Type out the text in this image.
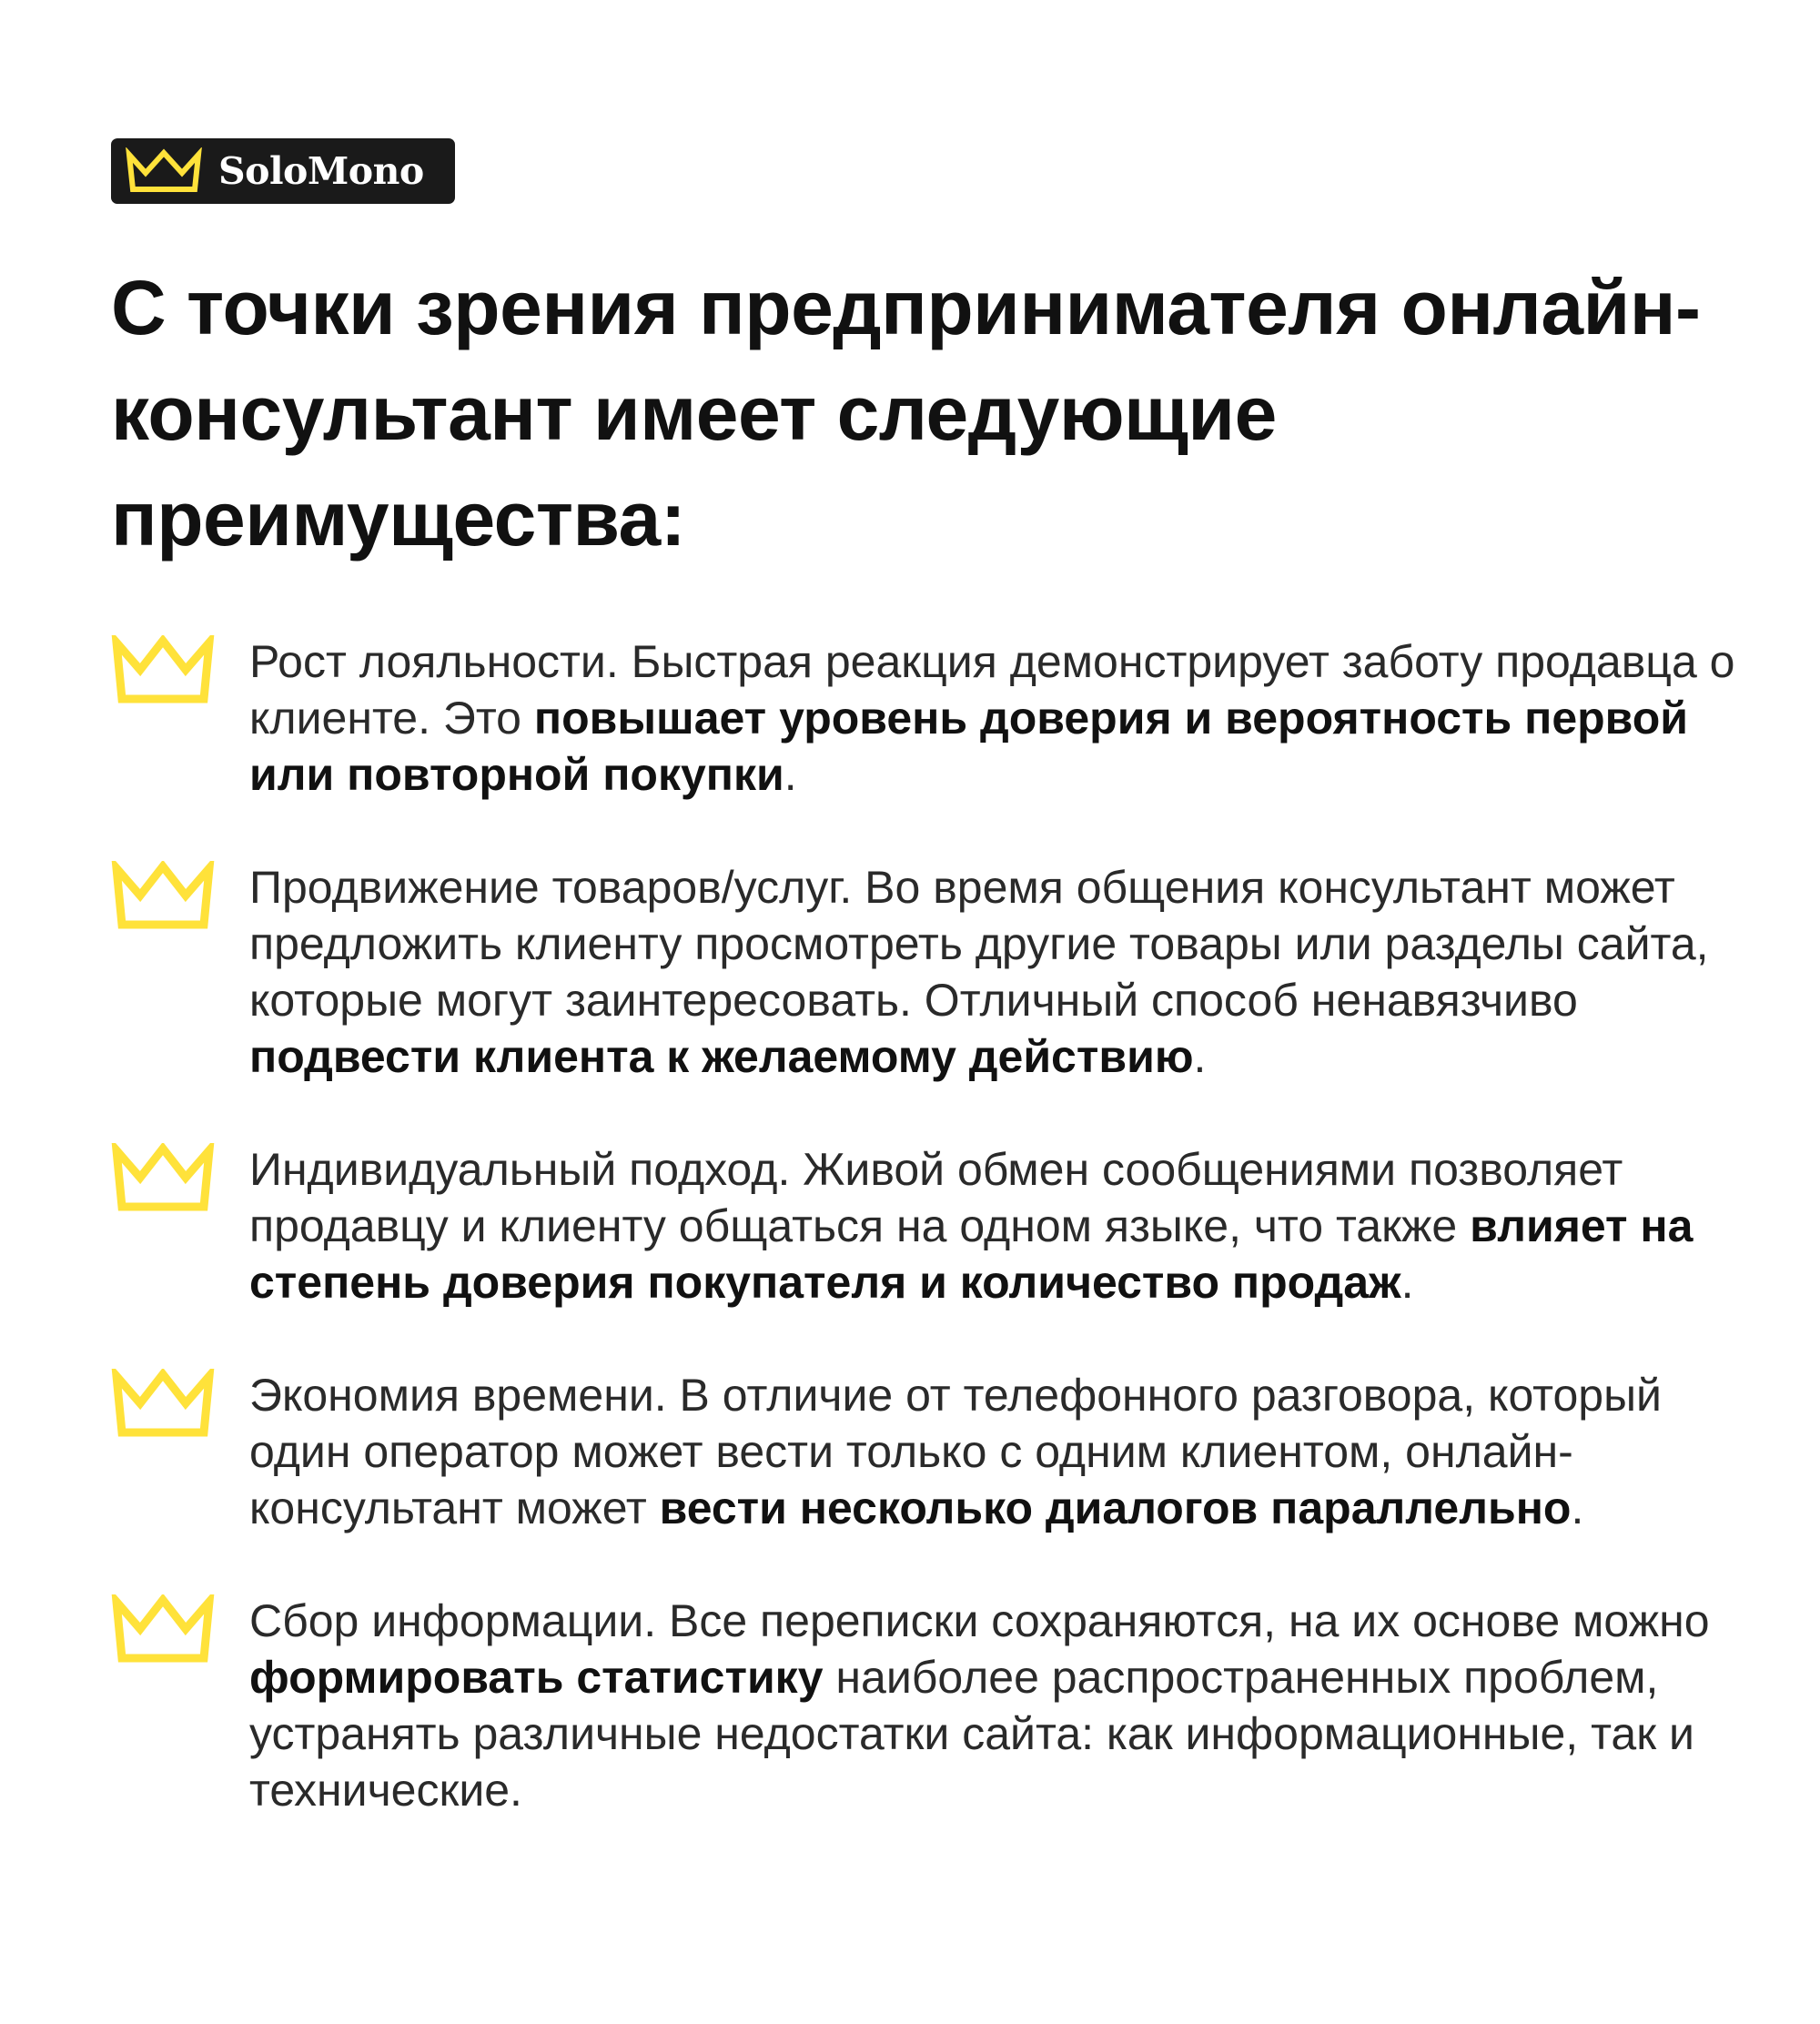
SoloMono
С точки зрения предпринимателя онлайн-консультант имеет следующие преимущества:
Рост лояльности. Быстрая реакция демонстрирует заботу продавца о клиенте. Это повышает уровень доверия и вероятность первой или повторной покупки.
Продвижение товаров/услуг. Во время общения консультант может предложить клиенту просмотреть другие товары или разделы сайта, которые могут заинтересовать. Отличный способ ненавязчиво подвести клиента к желаемому действию.
Индивидуальный подход. Живой обмен сообщениями позволяет продавцу и клиенту общаться на одном языке, что также влияет на степень доверия покупателя и количество продаж.
Экономия времени. В отличие от телефонного разговора, который один оператор может вести только с одним клиентом, онлайн-консультант может вести несколько диалогов параллельно.
Сбор информации. Все переписки сохраняются, на их основе можно формировать статистику наиболее распространенных проблем, устранять различные недостатки сайта: как информационные, так и технические.
